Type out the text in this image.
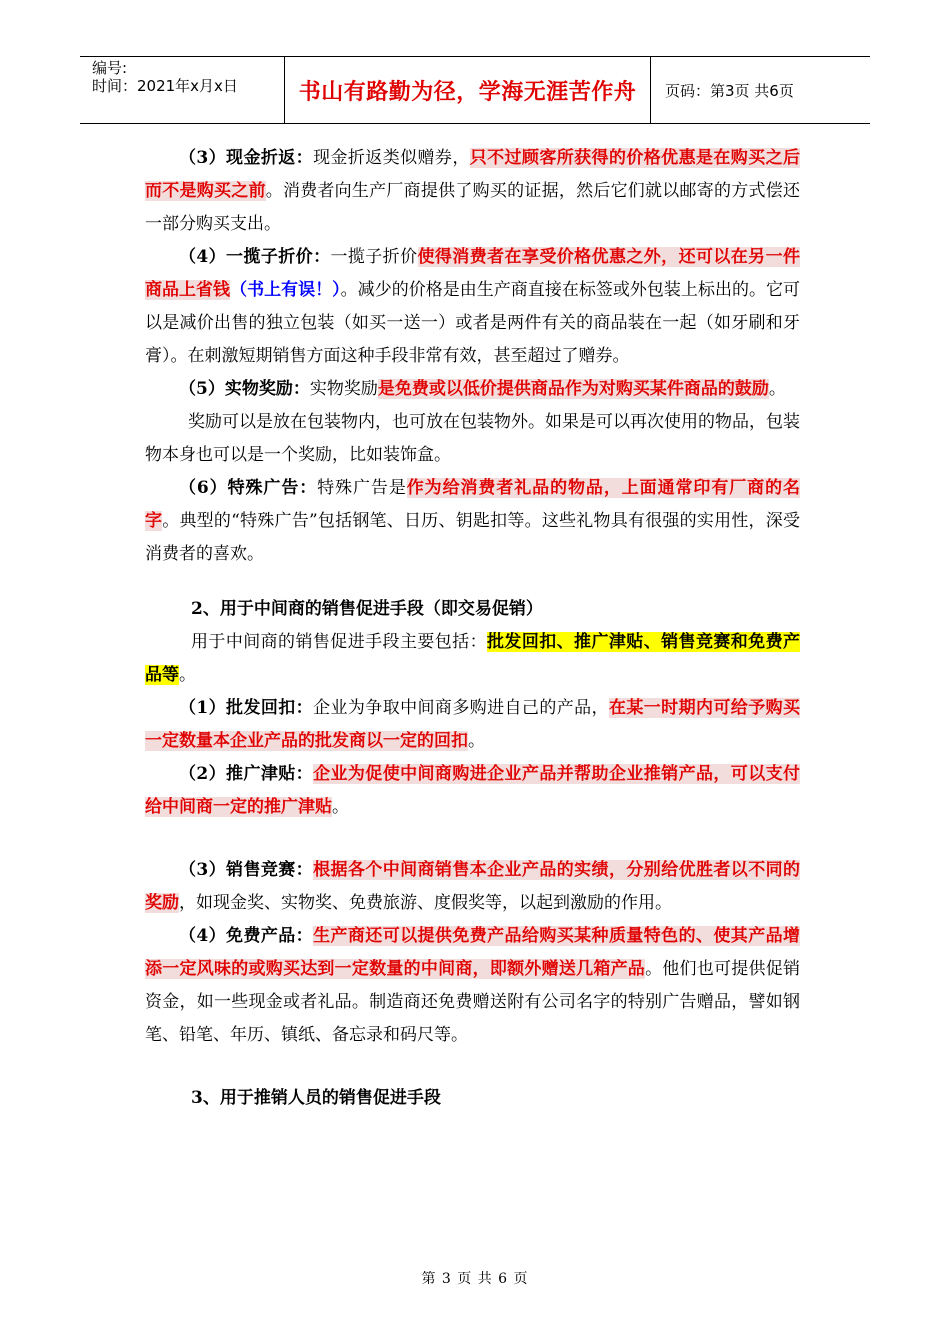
编号:
时间：2021年x月x日	书山有路勤为径，学海无涯苦作舟	页码：第3页 共6页

（3）现金折返：现金折返类似赠券，只不过顾客所获得的价格优惠是在购买之后而不是购买之前。消费者向生产厂商提供了购买的证据，然后它们就以邮寄的方式偿还一部分购买支出。

（4）一揽子折价：一揽子折价使得消费者在享受价格优惠之外，还可以在另一件商品上省钱（书上有误！）。减少的价格是由生产商直接在标签或外包装上标出的。它可以是减价出售的独立包装（如买一送一）或者是两件有关的商品装在一起（如牙刷和牙膏）。在刺激短期销售方面这种手段非常有效，甚至超过了赠券。

（5）实物奖励：实物奖励是免费或以低价提供商品作为对购买某件商品的鼓励。

奖励可以是放在包装物内，也可放在包装物外。如果是可以再次使用的物品，包装物本身也可以是一个奖励，比如装饰盒。

（6）特殊广告：特殊广告是作为给消费者礼品的物品，上面通常印有厂商的名字。典型的“特殊广告”包括钢笔、日历、钥匙扣等。这些礼物具有很强的实用性，深受消费者的喜欢。

2、用于中间商的销售促进手段（即交易促销）

用于中间商的销售促进手段主要包括：批发回扣、推广津贴、销售竞赛和免费产品等。

（1）批发回扣：企业为争取中间商多购进自己的产品，在某一时期内可给予购买一定数量本企业产品的批发商以一定的回扣。

（2）推广津贴：企业为促使中间商购进企业产品并帮助企业推销产品，可以支付给中间商一定的推广津贴。

（3）销售竞赛：根据各个中间商销售本企业产品的实绩，分别给优胜者以不同的奖励，如现金奖、实物奖、免费旅游、度假奖等，以起到激励的作用。

（4）免费产品：生产商还可以提供免费产品给购买某种质量特色的、使其产品增添一定风味的或购买达到一定数量的中间商，即额外赠送几箱产品。他们也可提供促销资金，如一些现金或者礼品。制造商还免费赠送附有公司名字的特别广告赠品，譬如钢笔、铅笔、年历、镇纸、备忘录和码尺等。

3、用于推销人员的销售促进手段

第 3 页 共 6 页
